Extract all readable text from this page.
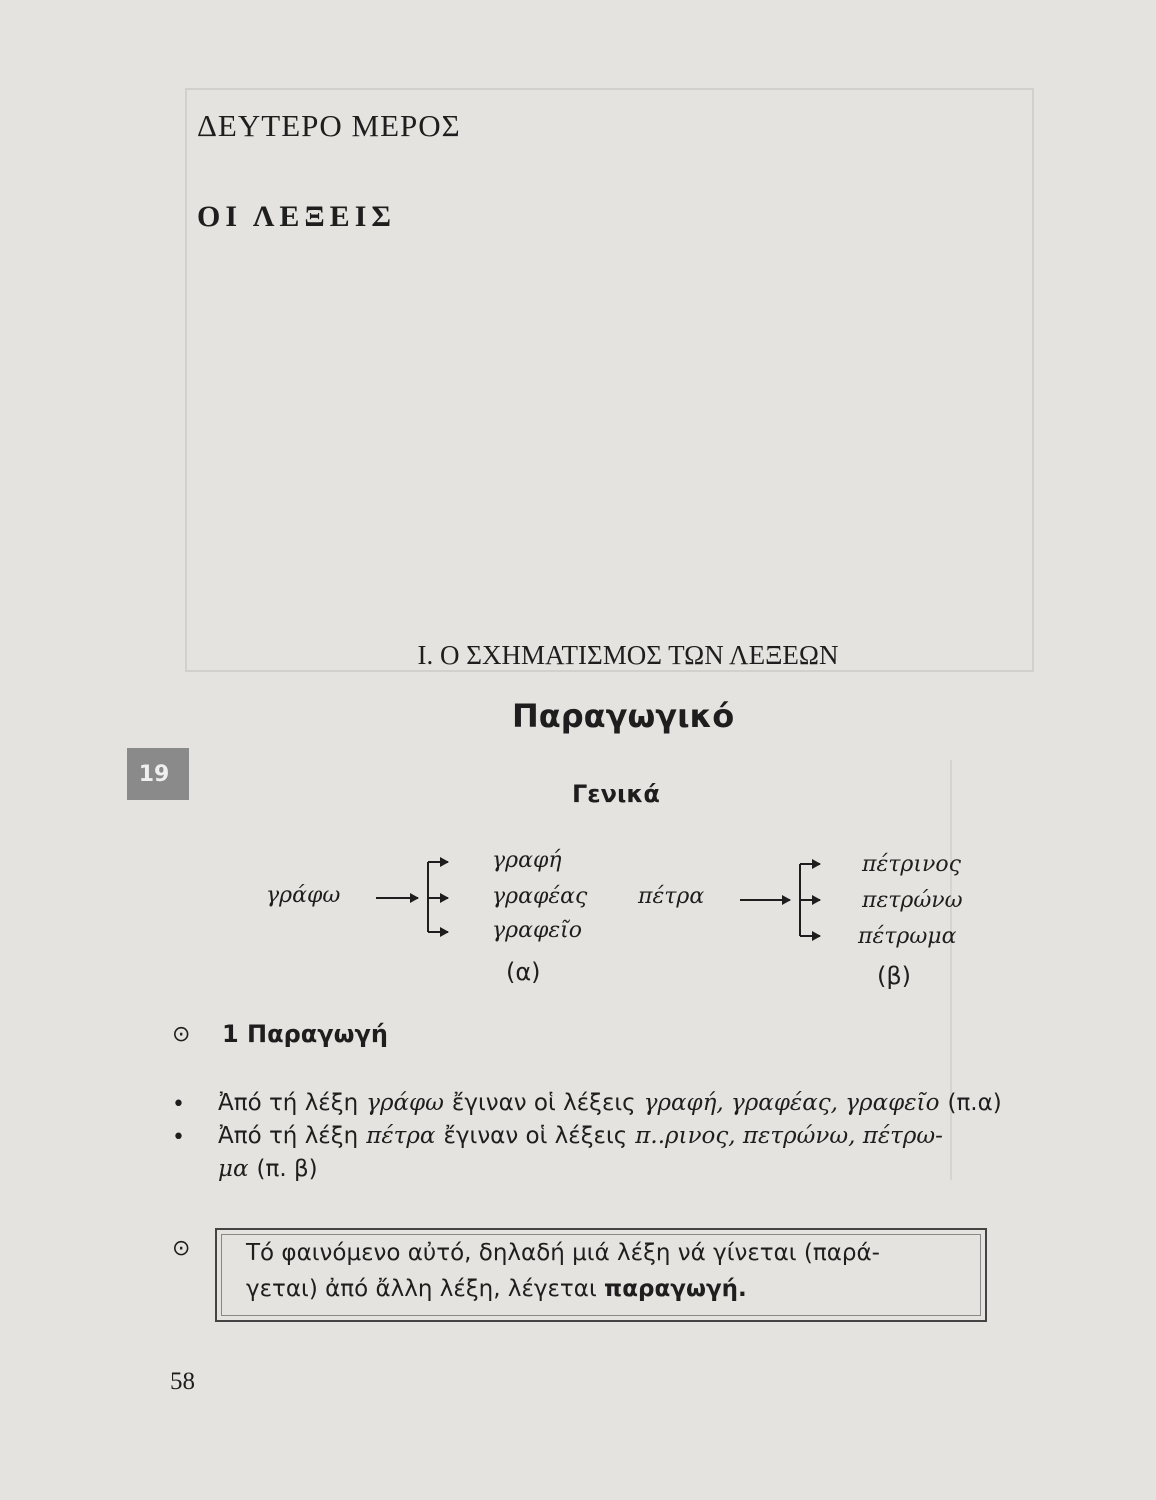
ΔΕΥΤΕΡΟ ΜΕΡΟΣ
ΟΙ ΛΕΞΕΙΣ
Ι. Ο ΣΧΗΜΑΤΙΣΜΟΣ ΤΩΝ ΛΕΞΕΩΝ
19
Παραγωγικό
Γενικά
γράφω
γραφή
γραφέας
γραφεῖο
(α)
πέτρα
πέτρινος
πετρώνω
πέτρωμα
(β)
⊙ 1 Παραγωγή
• Ἀπό τή λέξη γράφω ἔγιναν οἱ λέξεις γραφή, γραφέας, γραφεῖο (π.α)
• Ἀπό τή λέξη πέτρα ἔγιναν οἱ λέξεις π..ρινος, πετρώνω, πέτρω-
μα (π. β)
⊙ Τό φαινόμενο αὐτό, δηλαδή μιά λέξη νά γίνεται (παρά-
γεται) ἀπό ἄλλη λέξη, λέγεται παραγωγή.
58
